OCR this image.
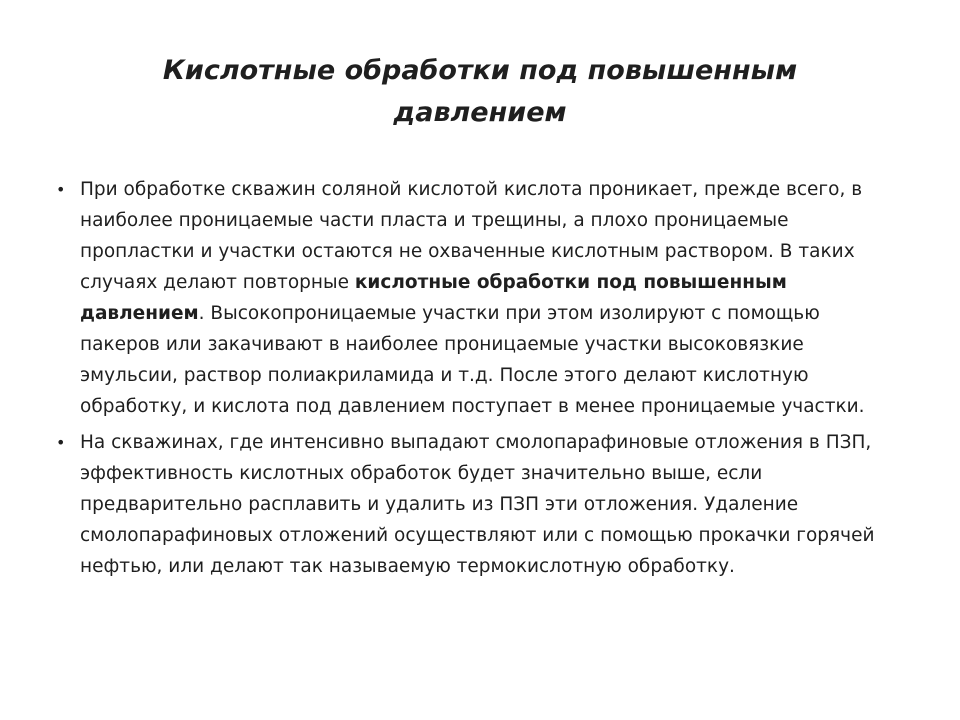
Кислотные обработки под повышенным давлением
• При обработке скважин соляной кислотой кислота проникает, прежде всего, в наиболее проницаемые части пласта и трещины, а плохо проницаемые пропластки и участки остаются не охваченные кислотным раствором. В таких случаях делают повторные кислотные обработки под повышенным давлением. Высокопроницаемые участки при этом изолируют с помощью пакеров или закачивают в наиболее проницаемые участки высоковязкие эмульсии, раствор полиакриламида и т.д. После этого делают кислотную обработку, и кислота под давлением поступает в менее проницаемые участки.
• На скважинах, где интенсивно выпадают смолопарафиновые отложения в ПЗП, эффективность кислотных обработок будет значительно выше, если предварительно расплавить и удалить из ПЗП эти отложения. Удаление смолопарафиновых отложений осуществляют или с помощью прокачки горячей нефтью, или делают так называемую термокислотную обработку.
